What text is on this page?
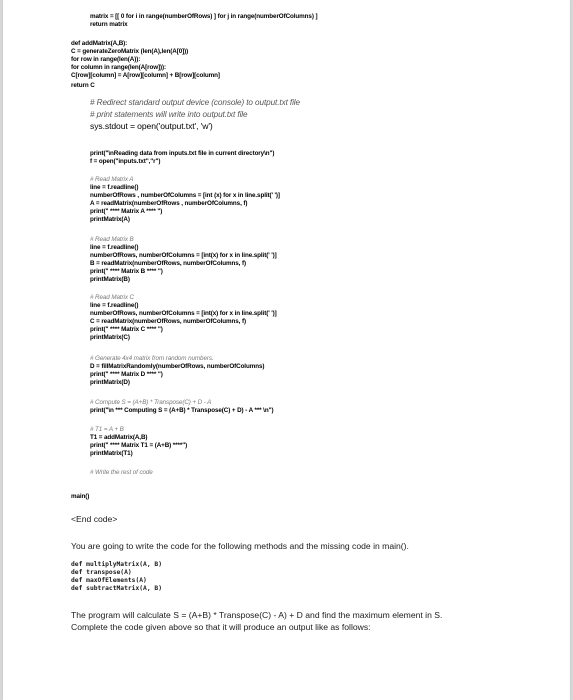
matrix = [[ 0 for i in range(numberOfRows) ] for j in range(numberOfColumns) ]
return matrix
def addMatrix(A,B):
C = generateZeroMatrix (len(A),len(A[0]))
for row in range(len(A)):
for column in range(len(A[row])):
C[row][column] = A[row][column] + B[row][column]
return C
# Redirect standard output device (console) to output.txt file
# print statements will write into output.txt file
sys.stdout = open('output.txt', 'w')
print("\nReading data from inputs.txt file in current directory\n")
f = open("inputs.txt","r")
# Read Matrix A
line = f.readline()
numberOfRows , numberOfColumns = [int (x) for x in line.split(' ')]
A = readMatrix(numberOfRows , numberOfColumns, f)
print(" **** Matrix A **** ")
printMatrix(A)
# Read Matrix B
line = f.readline()
numberOfRows, numberOfColumns = [int(x) for x in line.split(' ')]
B = readMatrix(numberOfRows, numberOfColumns, f)
print(" **** Matrix B **** ")
printMatrix(B)
# Read Matrix C
line = f.readline()
numberOfRows, numberOfColumns = [int(x) for x in line.split(' ')]
C = readMatrix(numberOfRows, numberOfColumns, f)
print(" **** Matrix C **** ")
printMatrix(C)
# Generate 4x4 matrix from random numbers.
D = fillMatrixRandomly(numberOfRows, numberOfColumns)
print(" **** Matrix D **** ")
printMatrix(D)
# Compute S = (A+B) * Transpose(C) + D - A
print("\n *** Computing S = (A+B) * Transpose(C) + D) - A *** \n")
# T1 = A + B
T1 = addMatrix(A,B)
print(" **** Matrix T1 = (A+B) ****")
printMatrix(T1)
# Write the rest of code
main()
<End code>
You are going to write the code for the following methods and the missing code in main().
def multiplyMatrix(A, B)
def transpose(A)
def maxOfElements(A)
def subtractMatrix(A, B)
The program will calculate S = (A+B) * Transpose(C) - A) + D and find the maximum element in S.
Complete the code given above so that it will produce an output like as follows:
